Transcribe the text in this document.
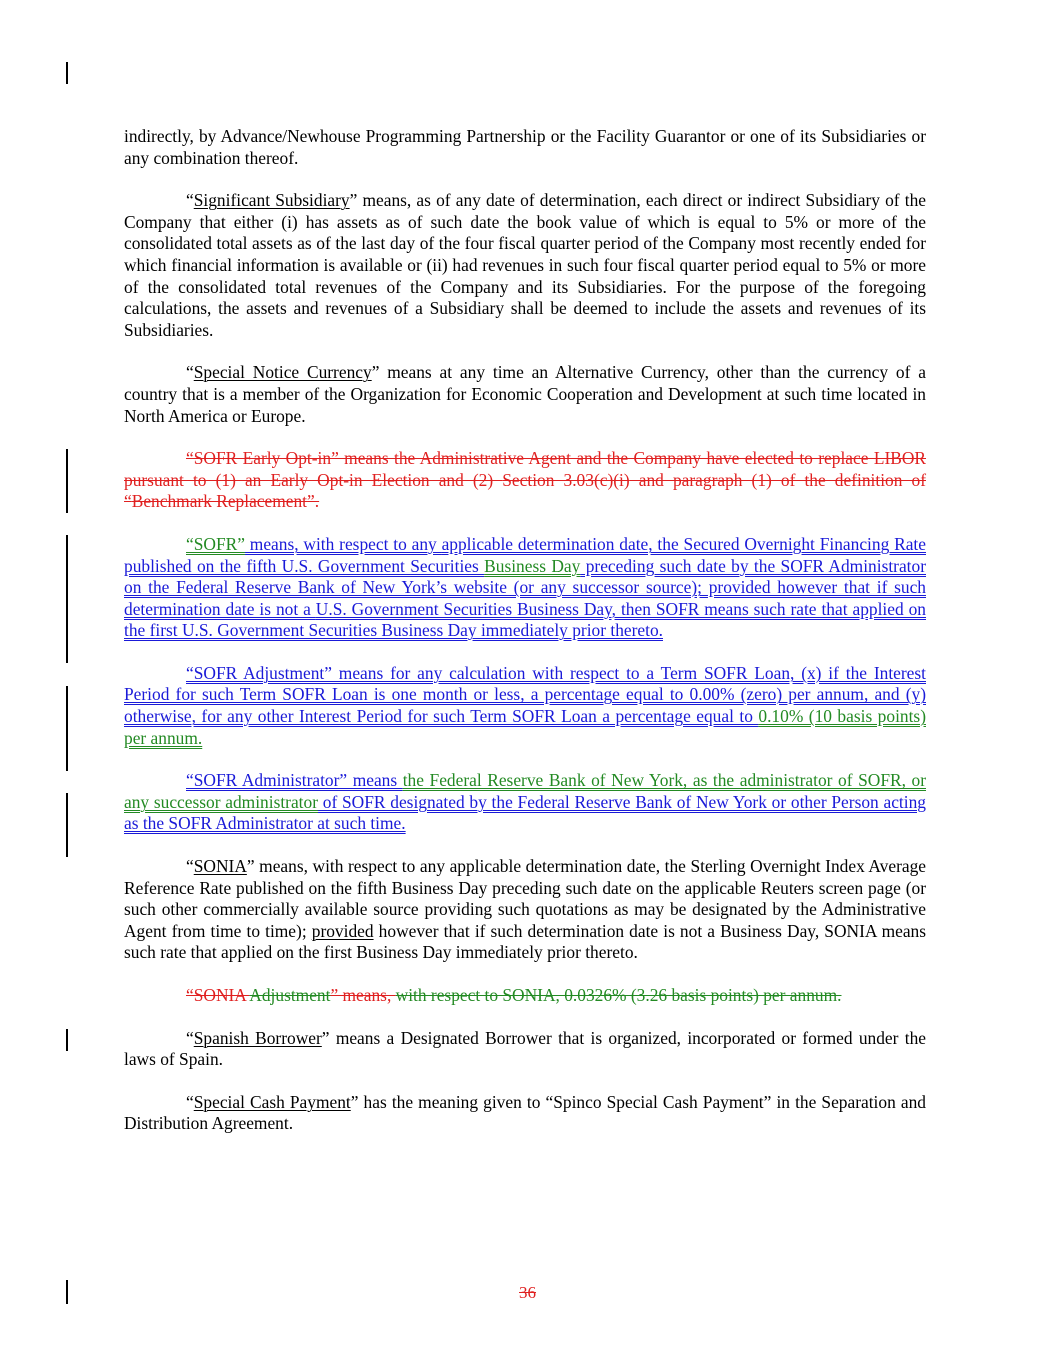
indirectly, by Advance/Newhouse Programming Partnership or the Facility Guarantor or one of its Subsidiaries or any combination thereof.

“Significant Subsidiary” means, as of any date of determination, each direct or indirect Subsidiary of the Company that either (i) has assets as of such date the book value of which is equal to 5% or more of the consolidated total assets as of the last day of the four fiscal quarter period of the Company most recently ended for which financial information is available or (ii) had revenues in such four fiscal quarter period equal to 5% or more of the consolidated total revenues of the Company and its Subsidiaries. For the purpose of the foregoing calculations, the assets and revenues of a Subsidiary shall be deemed to include the assets and revenues of its Subsidiaries.

“Special Notice Currency” means at any time an Alternative Currency, other than the currency of a country that is a member of the Organization for Economic Cooperation and Development at such time located in North America or Europe.

“SOFR Early Opt-in” means the Administrative Agent and the Company have elected to replace LIBOR pursuant to (1) an Early Opt-in Election and (2) Section 3.03(c)(i) and paragraph (1) of the definition of “Benchmark Replacement”.

“SOFR” means, with respect to any applicable determination date, the Secured Overnight Financing Rate published on the fifth U.S. Government Securities Business Day preceding such date by the SOFR Administrator on the Federal Reserve Bank of New York’s website (or any successor source); provided however that if such determination date is not a U.S. Government Securities Business Day, then SOFR means such rate that applied on the first U.S. Government Securities Business Day immediately prior thereto.

“SOFR Adjustment” means for any calculation with respect to a Term SOFR Loan, (x) if the Interest Period for such Term SOFR Loan is one month or less, a percentage equal to 0.00% (zero) per annum, and (y) otherwise, for any other Interest Period for such Term SOFR Loan a percentage equal to 0.10% (10 basis points) per annum.

“SOFR Administrator” means the Federal Reserve Bank of New York, as the administrator of SOFR, or any successor administrator of SOFR designated by the Federal Reserve Bank of New York or other Person acting as the SOFR Administrator at such time.

“SONIA” means, with respect to any applicable determination date, the Sterling Overnight Index Average Reference Rate published on the fifth Business Day preceding such date on the applicable Reuters screen page (or such other commercially available source providing such quotations as may be designated by the Administrative Agent from time to time); provided however that if such determination date is not a Business Day, SONIA means such rate that applied on the first Business Day immediately prior thereto.

“SONIA Adjustment” means, with respect to SONIA, 0.0326% (3.26 basis points) per annum.

“Spanish Borrower” means a Designated Borrower that is organized, incorporated or formed under the laws of Spain.

“Special Cash Payment” has the meaning given to “Spinco Special Cash Payment” in the Separation and Distribution Agreement.

36
